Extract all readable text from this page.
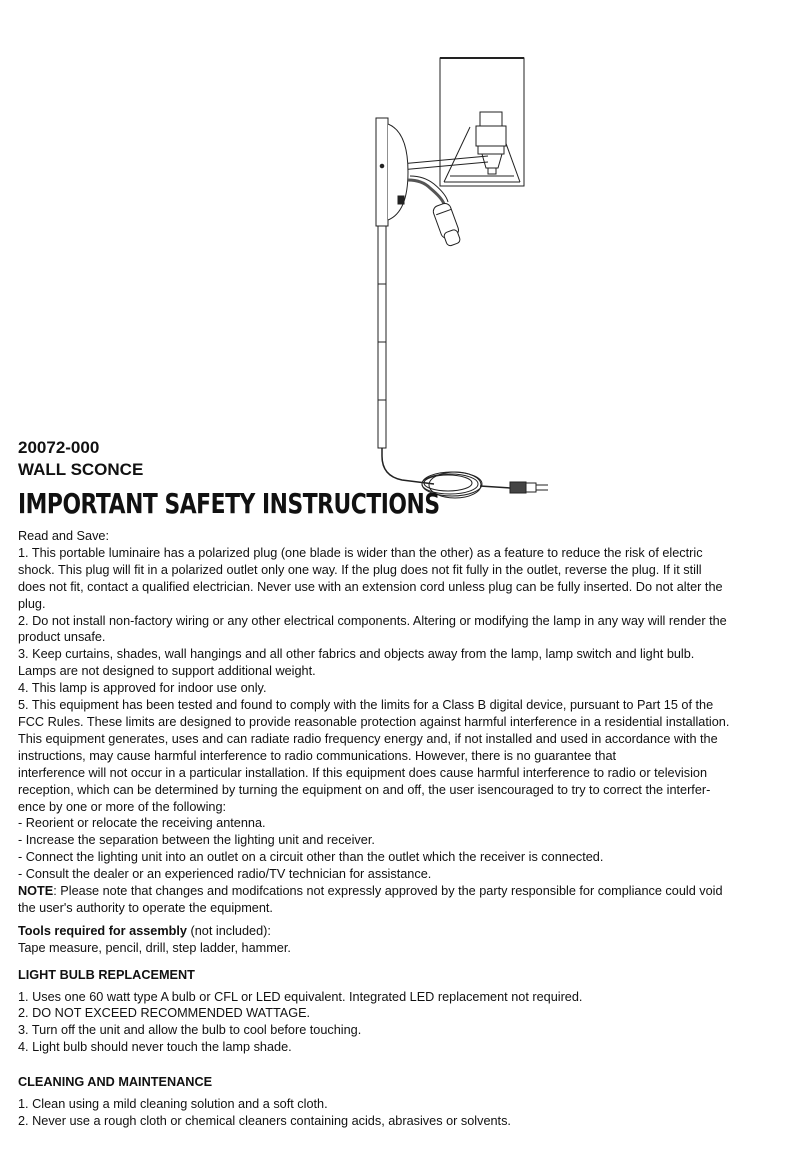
20072-000
WALL SCONCE
IMPORTANT SAFETY INSTRUCTIONS
Read and Save:
1. This portable luminaire has a polarized plug (one blade is wider than the other) as a feature to reduce the risk of electric
shock. This plug will fit in a polarized outlet only one way. If the plug does not fit fully in the outlet, reverse the plug. If it still
does not fit, contact a qualified electrician. Never use with an extension cord unless plug can be fully inserted. Do not alter the
plug.
2. Do not install non-factory wiring or any other electrical components. Altering or modifying the lamp in any way will render the
product unsafe.
3. Keep curtains, shades, wall hangings and all other fabrics and objects away from the lamp, lamp switch and light bulb.
Lamps are not designed to support additional weight.
4. This lamp is approved for indoor use only.
5. This equipment has been tested and found to comply with the limits for a Class B digital device, pursuant to Part 15 of the
FCC Rules. These limits are designed to provide reasonable protection against harmful interference in a residential installation.
This equipment generates, uses and can radiate radio frequency energy and, if not installed and used in accordance with the
instructions, may cause harmful interference to radio communications. However, there is no guarantee that
interference will not occur in a particular installation. If this equipment does cause harmful interference to radio or television
reception, which can be determined by turning the equipment on and off, the user isencouraged to try to correct the interfer-
ence by one or more of the following:
- Reorient or relocate the receiving antenna.
- Increase the separation between the lighting unit and receiver.
- Connect the lighting unit into an outlet on a circuit other than the outlet which the receiver is connected.
- Consult the dealer or an experienced radio/TV technician for assistance.
NOTE: Please note that changes and modifcations not expressly approved by the party responsible for compliance could void
the user's authority to operate the equipment.
Tools required for assembly (not included):
Tape measure, pencil, drill, step ladder, hammer.
LIGHT BULB REPLACEMENT
1. Uses one 60 watt type A bulb or CFL or LED equivalent. Integrated LED replacement not required.
2. DO NOT EXCEED RECOMMENDED WATTAGE.
3. Turn off the unit and allow the bulb to cool before touching.
4. Light bulb should never touch the lamp shade.
CLEANING AND MAINTENANCE
1. Clean using a mild cleaning solution and a soft cloth.
2. Never use a rough cloth or chemical cleaners containing acids, abrasives or solvents.
